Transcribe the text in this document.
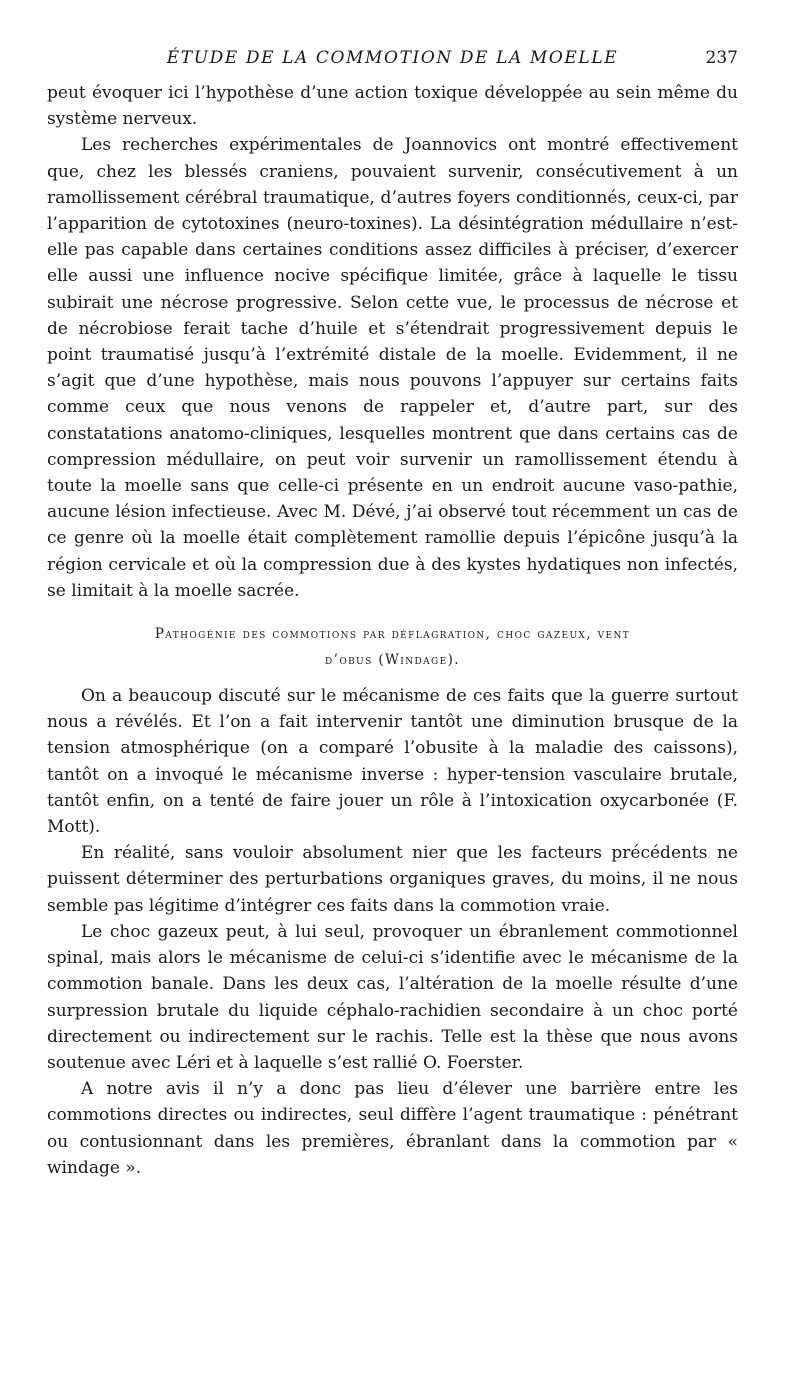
ÉTUDE DE LA COMMOTION DE LA MOELLE	237

peut évoquer ici l’hypothèse d’une action toxique développée au sein même du système nerveux.

Les recherches expérimentales de Joannovics ont montré effectivement que, chez les blessés craniens, pouvaient survenir, consécutivement à un ramollissement cérébral traumatique, d’autres foyers conditionnés, ceux-ci, par l’apparition de cytotoxines (neuro-toxines). La désintégration médullaire n’est-elle pas capable dans certaines conditions assez difficiles à préciser, d’exercer elle aussi une influence nocive spécifique limitée, grâce à laquelle le tissu subirait une nécrose progressive. Selon cette vue, le processus de nécrose et de nécrobiose ferait tache d’huile et s’étendrait progressivement depuis le point traumatisé jusqu’à l’extrémité distale de la moelle. Evidemment, il ne s’agit que d’une hypothèse, mais nous pouvons l’appuyer sur certains faits comme ceux que nous venons de rappeler et, d’autre part, sur des constatations anatomo-cliniques, lesquelles montrent que dans certains cas de compression médullaire, on peut voir survenir un ramollissement étendu à toute la moelle sans que celle-ci présente en un endroit aucune vaso-pathie, aucune lésion infectieuse. Avec M. Dévé, j’ai observé tout récemment un cas de ce genre où la moelle était complètement ramollie depuis l’épicône jusqu’à la région cervicale et où la compression due à des kystes hydatiques non infectés, se limitait à la moelle sacrée.

Pathogénie des commotions par déflagration, choc gazeux, vent
d’obus (Windage).

On a beaucoup discuté sur le mécanisme de ces faits que la guerre surtout nous a révélés. Et l’on a fait intervenir tantôt une diminution brusque de la tension atmosphérique (on a comparé l’obusite à la maladie des caissons), tantôt on a invoqué le mécanisme inverse : hyper-tension vasculaire brutale, tantôt enfin, on a tenté de faire jouer un rôle à l’intoxication oxycarbonée (F. Mott).

En réalité, sans vouloir absolument nier que les facteurs précédents ne puissent déterminer des perturbations organiques graves, du moins, il ne nous semble pas légitime d’intégrer ces faits dans la commotion vraie.

Le choc gazeux peut, à lui seul, provoquer un ébranlement commotionnel spinal, mais alors le mécanisme de celui-ci s’identifie avec le mécanisme de la commotion banale. Dans les deux cas, l’altération de la moelle résulte d’une surpression brutale du liquide céphalo-rachidien secondaire à un choc porté directement ou indirectement sur le rachis. Telle est la thèse que nous avons soutenue avec Léri et à laquelle s’est rallié O. Foerster.

A notre avis il n’y a donc pas lieu d’élever une barrière entre les commotions directes ou indirectes, seul diffère l’agent traumatique : pénétrant ou contusionnant dans les premières, ébranlant dans la commotion par « windage ».
